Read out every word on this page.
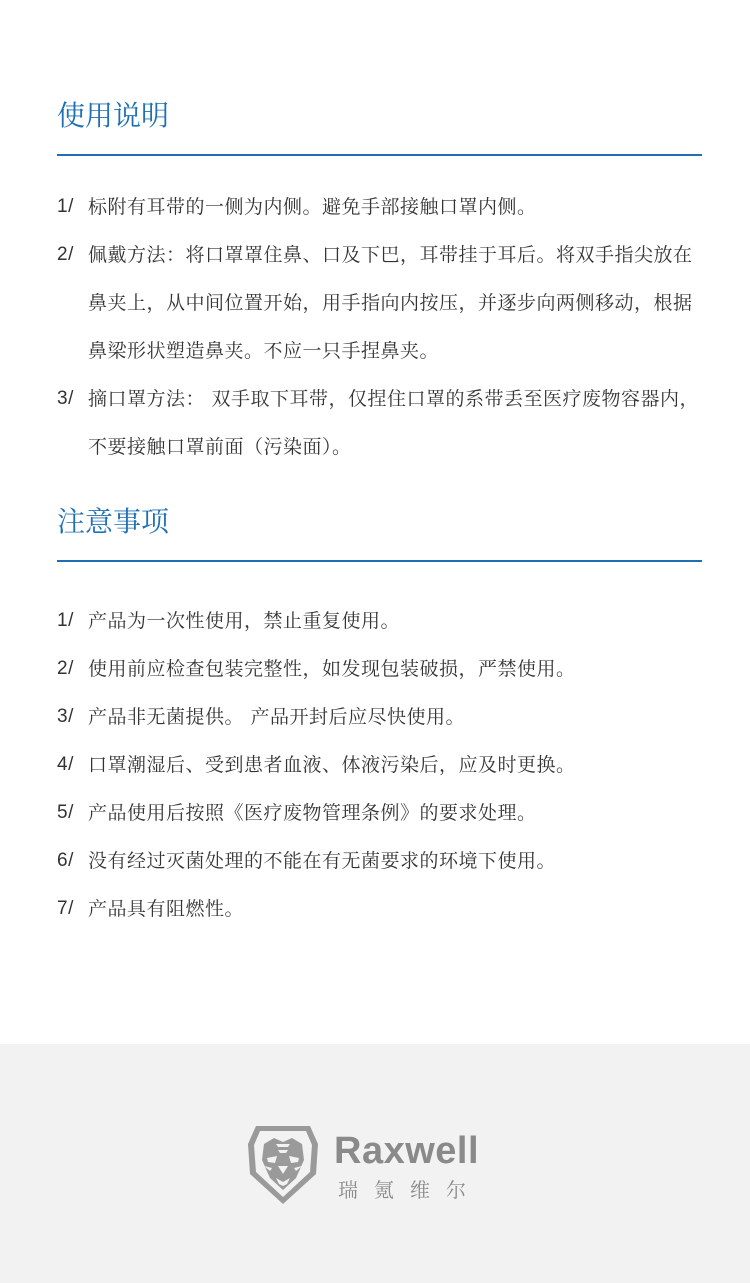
使用说明
1/ 标附有耳带的一侧为内侧。避免手部接触口罩内侧。
2/ 佩戴方法：将口罩罩住鼻、口及下巴，耳带挂于耳后。将双手指尖放在鼻夹上，从中间位置开始，用手指向内按压，并逐步向两侧移动，根据鼻梁形状塑造鼻夹。不应一只手捏鼻夹。
3/ 摘口罩方法： 双手取下耳带，仅捏住口罩的系带丢至医疗废物容器内，不要接触口罩前面（污染面）。
注意事项
1/ 产品为一次性使用，禁止重复使用。
2/ 使用前应检查包装完整性，如发现包装破损，严禁使用。
3/ 产品非无菌提供。 产品开封后应尽快使用。
4/ 口罩潮湿后、受到患者血液、体液污染后，应及时更换。
5/ 产品使用后按照《医疗废物管理条例》的要求处理。
6/ 没有经过灭菌处理的不能在有无菌要求的环境下使用。
7/ 产品具有阻燃性。
Raxwell
瑞氪维尔
